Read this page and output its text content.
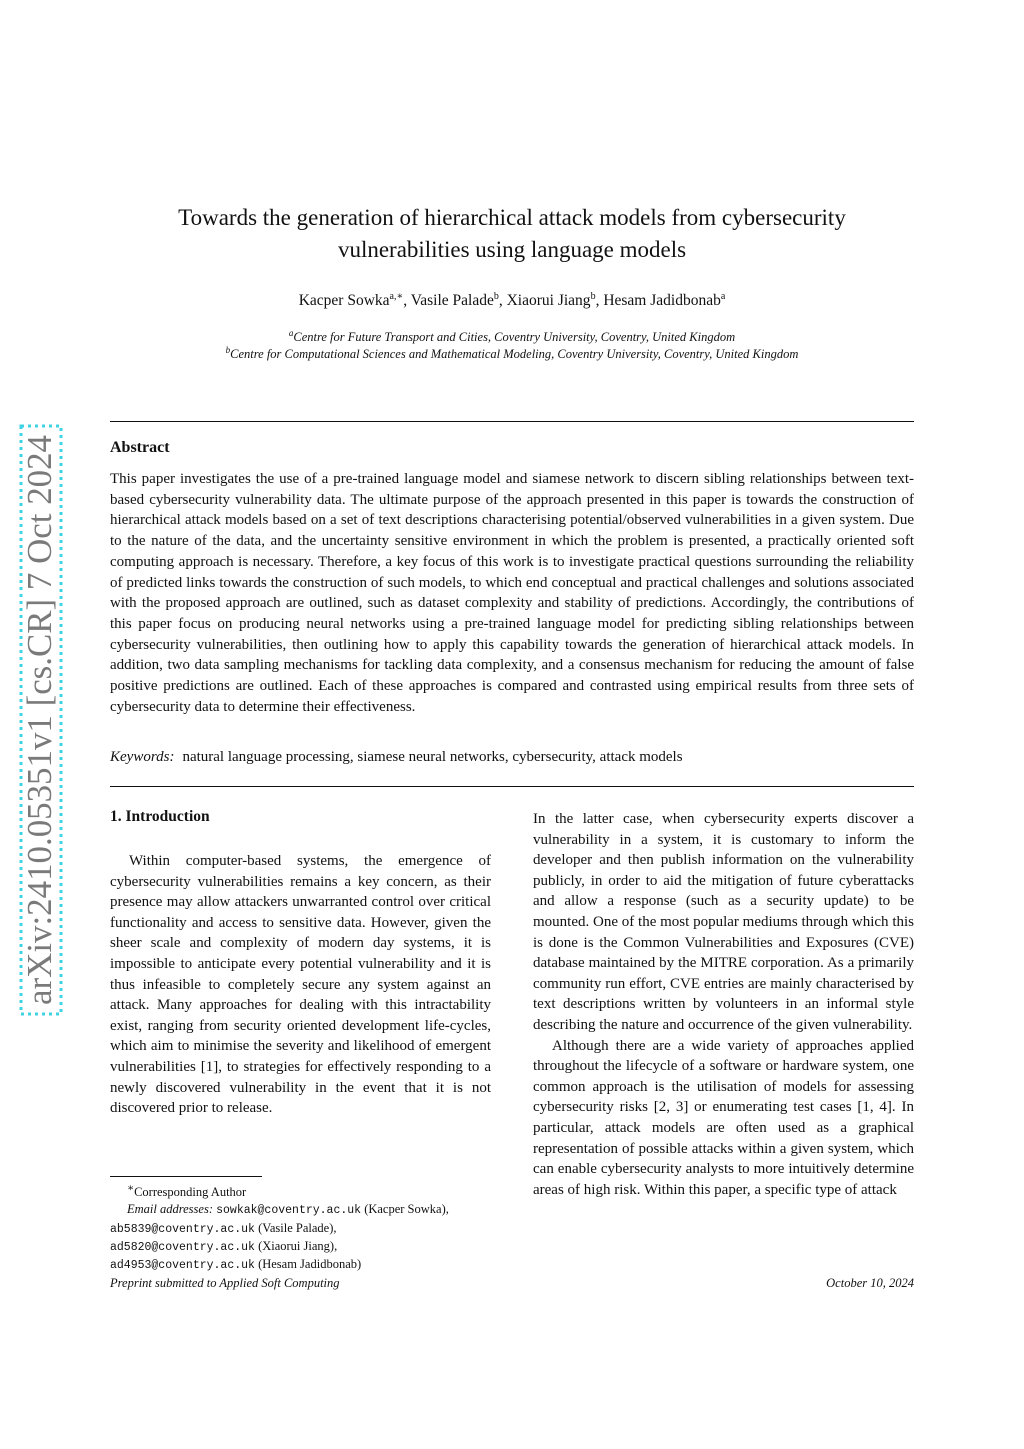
arXiv:2410.05351v1 [cs.CR] 7 Oct 2024
Towards the generation of hierarchical attack models from cybersecurity
vulnerabilities using language models
Kacper Sowka$^{a,∗}$, Vasile Palade$^b$, Xiaorui Jiang$^b$, Hesam Jadidbonab$^a$
$^a$Centre for Future Transport and Cities, Coventry University, Coventry, United Kingdom
$^b$Centre for Computational Sciences and Mathematical Modeling, Coventry University, Coventry, United Kingdom
Abstract
This paper investigates the use of a pre-trained language model and siamese network to discern sibling relationships between text-based cybersecurity vulnerability data. The ultimate purpose of the approach presented in this paper is towards the construction of hierarchical attack models based on a set of text descriptions characterising potential/observed vulnerabilities in a given system. Due to the nature of the data, and the uncertainty sensitive environment in which the problem is presented, a practically oriented soft computing approach is necessary. Therefore, a key focus of this work is to investigate practical questions surrounding the reliability of predicted links towards the construction of such models, to which end conceptual and practical challenges and solutions associated with the proposed approach are outlined, such as dataset complexity and stability of predictions. Accordingly, the contributions of this paper focus on producing neural networks using a pre-trained language model for predicting sibling relationships between cybersecurity vulnerabilities, then outlining how to apply this capability towards the generation of hierarchical attack models. In addition, two data sampling mechanisms for tackling data complexity, and a consensus mechanism for reducing the amount of false positive predictions are outlined. Each of these approaches is compared and contrasted using empirical results from three sets of cybersecurity data to determine their effectiveness.
Keywords: natural language processing, siamese neural networks, cybersecurity, attack models
1. Introduction

Within computer-based systems, the emergence of cybersecurity vulnerabilities remains a key concern, as their presence may allow attackers unwarranted control over critical functionality and access to sensitive data. However, given the sheer scale and complexity of modern day systems, it is impossible to anticipate every potential vulnerability and it is thus infeasible to completely secure any system against an attack. Many approaches for dealing with this intractability exist, ranging from security oriented development life-cycles, which aim to minimise the severity and likelihood of emergent vulnerabilities [1], to strategies for effectively responding to a newly discovered vulnerability in the event that it is not discovered prior to release.

In the latter case, when cybersecurity experts discover a vulnerability in a system, it is customary to inform the developer and then publish information on the vulnerability publicly, in order to aid the mitigation of future cyberattacks and allow a response (such as a security update) to be mounted. One of the most popular mediums through which this is done is the Common Vulnerabilities and Exposures (CVE) database maintained by the MITRE corporation. As a primarily community run effort, CVE entries are mainly characterised by text descriptions written by volunteers in an informal style describing the nature and occurrence of the given vulnerability.

Although there are a wide variety of approaches applied throughout the lifecycle of a software or hardware system, one common approach is the utilisation of models for assessing cybersecurity risks [2, 3] or enumerating test cases [1, 4]. In particular, attack models are often used as a graphical representation of possible attacks within a given system, which can enable cybersecurity analysts to more intuitively determine areas of high risk. Within this paper, a specific type of attack

∗Corresponding Author
Email addresses: sowkak@coventry.ac.uk (Kacper Sowka), ab5839@coventry.ac.uk (Vasile Palade),
ad5820@coventry.ac.uk (Xiaorui Jiang),
ad4953@coventry.ac.uk (Hesam Jadidbonab)
Preprint submitted to Applied Soft Computing	October 10, 2024
